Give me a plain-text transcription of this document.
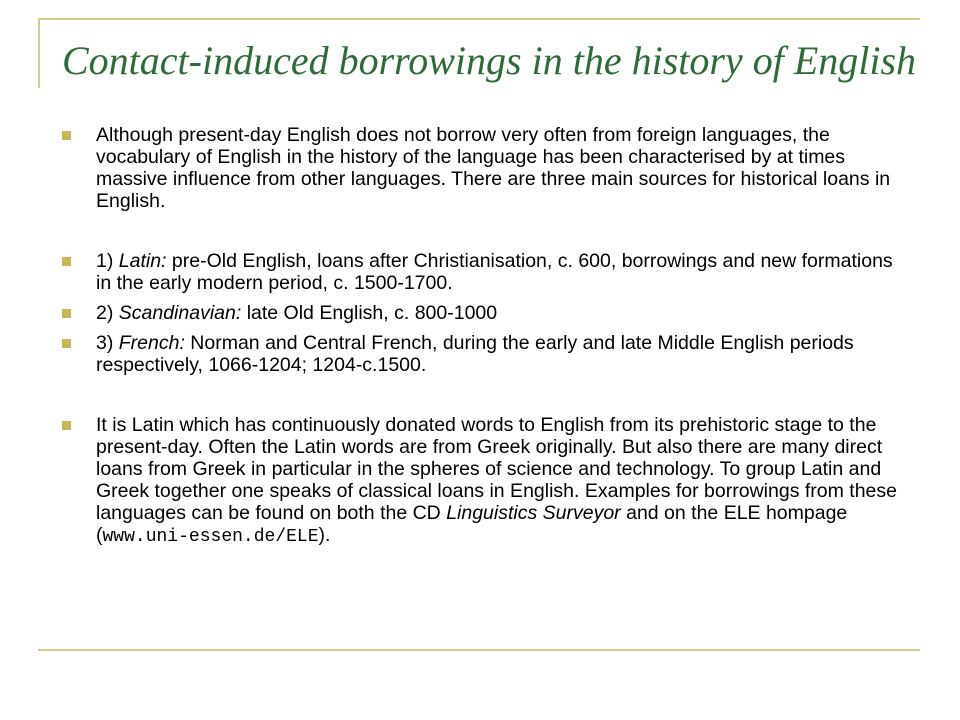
Contact-induced borrowings in the history of English
Although present-day English does not borrow very often from foreign languages, the vocabulary of English in the history of the language has been characterised by at times massive influence from other languages. There are three main sources for historical loans in English.
1) Latin: pre-Old English, loans after Christianisation, c. 600, borrowings and new formations in the early modern period, c. 1500-1700.
2) Scandinavian: late Old English, c. 800-1000
3) French: Norman and Central French, during the early and late Middle English periods respectively, 1066-1204; 1204-c.1500.
It is Latin which has continuously donated words to English from its prehistoric stage to the present-day. Often the Latin words are from Greek originally. But also there are many direct loans from Greek in particular in the spheres of science and technology. To group Latin and Greek together one speaks of classical loans in English. Examples for borrowings from these languages can be found on both the CD Linguistics Surveyor and on the ELE hompage (www.uni-essen.de/ELE).
